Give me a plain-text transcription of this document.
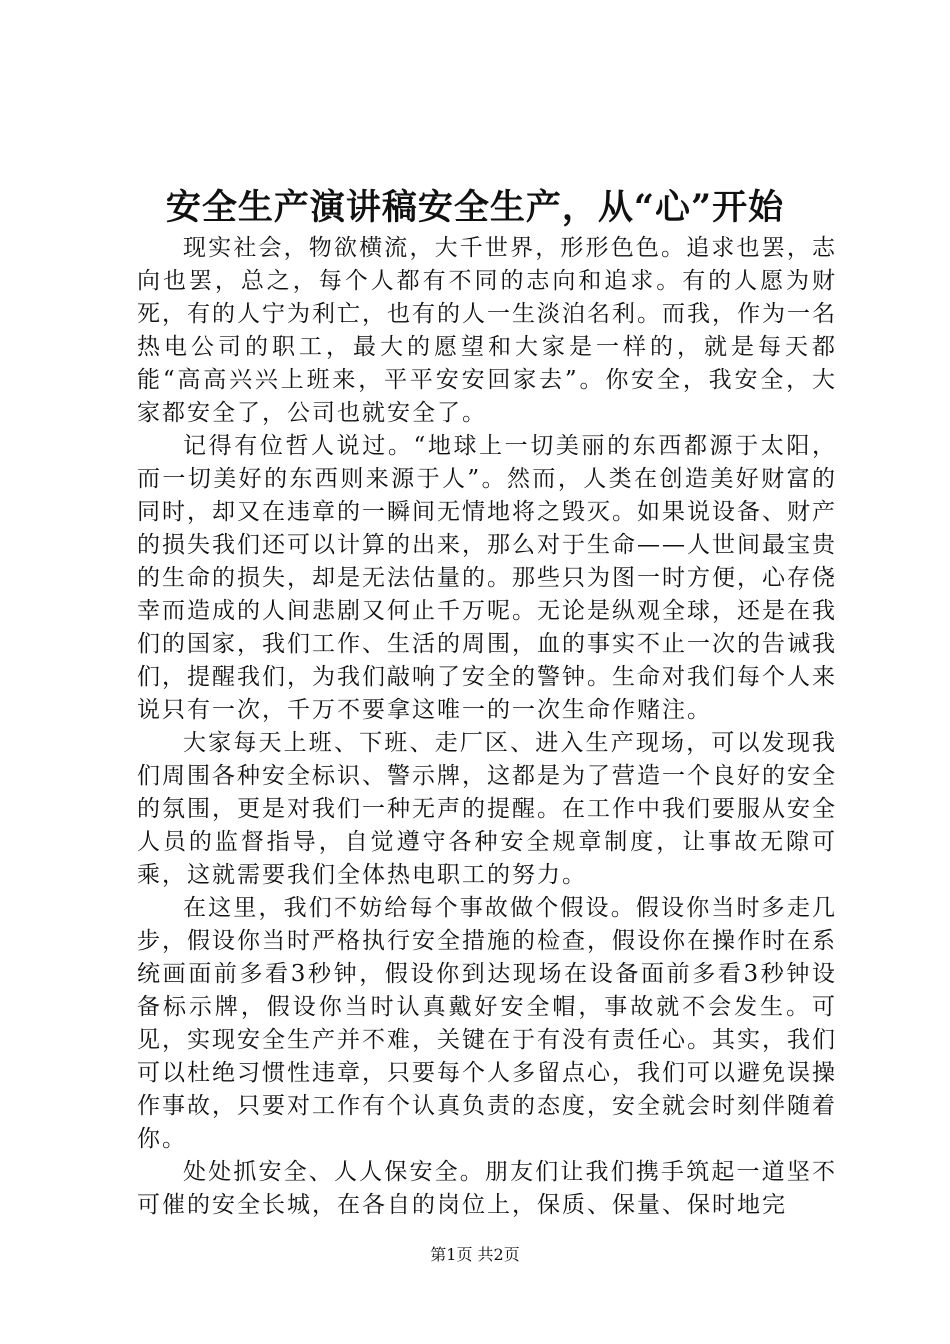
安全生产演讲稿安全生产，从“心”开始

现实社会，物欲横流，大千世界，形形色色。追求也罢，志向也罢，总之，每个人都有不同的志向和追求。有的人愿为财死，有的人宁为利亡，也有的人一生淡泊名利。而我，作为一名热电公司的职工，最大的愿望和大家是一样的，就是每天都能“高高兴兴上班来，平平安安回家去”。你安全，我安全，大家都安全了，公司也就安全了。

记得有位哲人说过。“地球上一切美丽的东西都源于太阳，而一切美好的东西则来源于人”。然而，人类在创造美好财富的同时，却又在违章的一瞬间无情地将之毁灭。如果说设备、财产的损失我们还可以计算的出来，那么对于生命——人世间最宝贵的生命的损失，却是无法估量的。那些只为图一时方便，心存侥幸而造成的人间悲剧又何止千万呢。无论是纵观全球，还是在我们的国家，我们工作、生活的周围，血的事实不止一次的告诫我们，提醒我们，为我们敲响了安全的警钟。生命对我们每个人来说只有一次，千万不要拿这唯一的一次生命作赌注。

大家每天上班、下班、走厂区、进入生产现场，可以发现我们周围各种安全标识、警示牌，这都是为了营造一个良好的安全的氛围，更是对我们一种无声的提醒。在工作中我们要服从安全人员的监督指导，自觉遵守各种安全规章制度，让事故无隙可乘，这就需要我们全体热电职工的努力。

在这里，我们不妨给每个事故做个假设。假设你当时多走几步，假设你当时严格执行安全措施的检查，假设你在操作时在系统画面前多看3秒钟，假设你到达现场在设备面前多看3秒钟设备标示牌，假设你当时认真戴好安全帽，事故就不会发生。可见，实现安全生产并不难，关键在于有没有责任心。其实，我们可以杜绝习惯性违章，只要每个人多留点心，我们可以避免误操作事故，只要对工作有个认真负责的态度，安全就会时刻伴随着你。

处处抓安全、人人保安全。朋友们让我们携手筑起一道坚不可催的安全长城，在各自的岗位上，保质、保量、保时地完

第1页 共2页
